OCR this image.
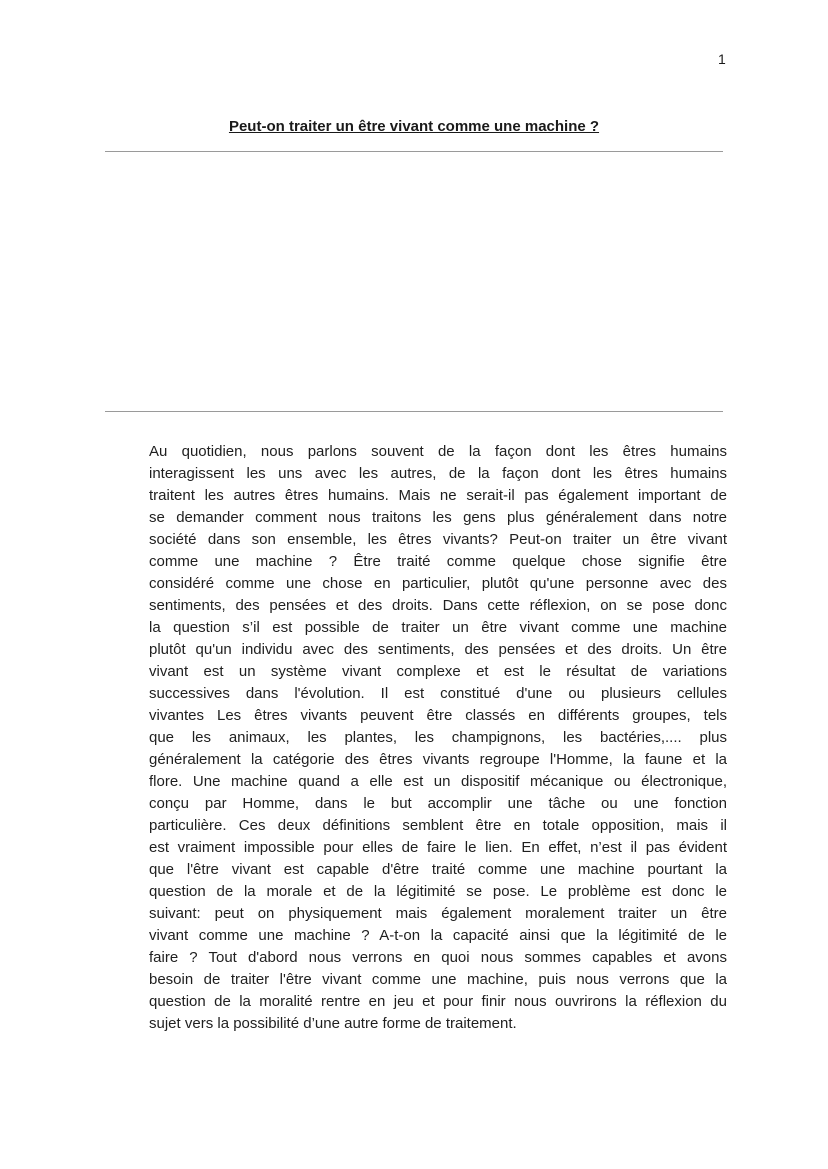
1
Peut-on traiter un être vivant comme une machine ?

Au quotidien, nous parlons souvent de la façon dont les êtres humains
interagissent les uns avec les autres, de la façon dont les êtres humains
traitent les autres êtres humains. Mais ne serait-il pas également important de
se demander comment nous traitons les gens plus généralement dans notre
société dans son ensemble, les êtres vivants? Peut-on traiter un être vivant
comme une machine ? Être traité comme quelque chose signifie être
considéré comme une chose en particulier, plutôt qu'une personne avec des
sentiments, des pensées et des droits. Dans cette réflexion, on se pose donc
la question s’il est possible de traiter un être vivant comme une machine
plutôt qu'un individu avec des sentiments, des pensées et des droits. Un être
vivant est un système vivant complexe et est le résultat de variations
successives dans l'évolution. Il est constitué d'une ou plusieurs cellules
vivantes Les êtres vivants peuvent être classés en différents groupes, tels
que les animaux, les plantes, les champignons, les bactéries,.... plus
généralement la catégorie des êtres vivants regroupe l'Homme, la faune et la
flore. Une machine quand a elle est un dispositif mécanique ou électronique,
conçu par Homme, dans le but accomplir une tâche ou une fonction
particulière. Ces deux définitions semblent être en totale opposition, mais il
est vraiment impossible pour elles de faire le lien. En effet, n’est il pas évident
que l'être vivant est capable d'être traité comme une machine pourtant la
question de la morale et de la légitimité se pose. Le problème est donc le
suivant: peut on physiquement mais également moralement traiter un être
vivant comme une machine ? A-t-on la capacité ainsi que la légitimité de le
faire ? Tout d'abord nous verrons en quoi nous sommes capables et avons
besoin de traiter l'être vivant comme une machine, puis nous verrons que la
question de la moralité rentre en jeu et pour finir nous ouvrirons la réflexion du
sujet vers la possibilité d’une autre forme de traitement.
